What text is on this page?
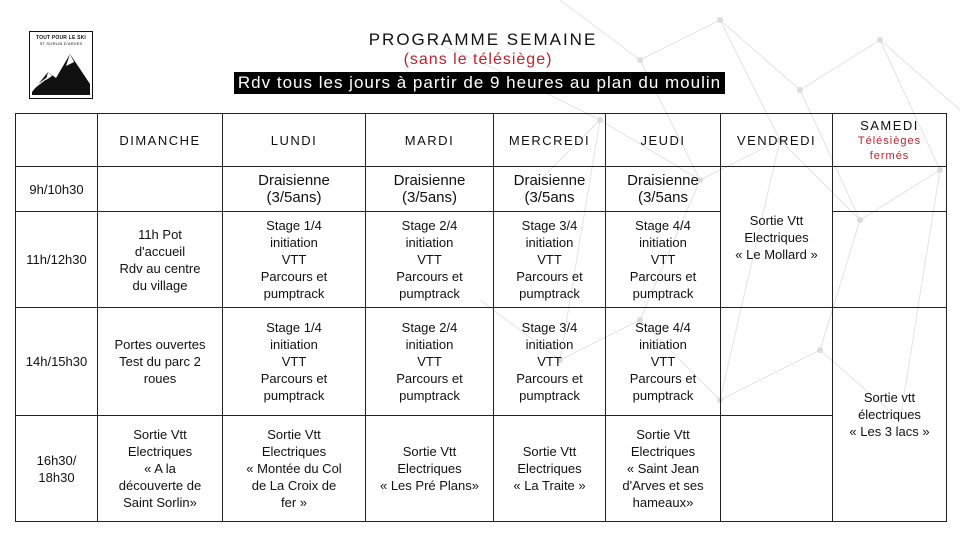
TOUT POUR LE SKI
ST SORLIN D'ARVES	PROGRAMME SEMAINE
(sans le télésiège)
Rdv tous les jours à partir de 9 heures au plan du moulin
	DIMANCHE	LUNDI	MARDI	MERCREDI	JEUDI	VENDREDI	SAMEDI
Télésièges fermés

9h/10h30		Draisienne
(3/5ans)	Draisienne
(3/5ans)	Draisienne
(3/5ans	Draisienne
(3/5ans	Sortie Vtt
Electriques
« Le Mollard »	

11h/12h30	11h Pot
d'accueil
Rdv au centre
du village	Stage 1/4
initiation
VTT
Parcours et
pumptrack	Stage 2/4
initiation
VTT
Parcours et
pumptrack	Stage 3/4
initiation
VTT
Parcours et
pumptrack	Stage 4/4
initiation
VTT
Parcours et
pumptrack		

14h/15h30	Portes ouvertes
Test du parc 2
roues	Stage 1/4
initiation
VTT
Parcours et
pumptrack	Stage 2/4
initiation
VTT
Parcours et
pumptrack	Stage 3/4
initiation
VTT
Parcours et
pumptrack	Stage 4/4
initiation
VTT
Parcours et
pumptrack		Sortie vtt
électriques
« Les 3 lacs »

16h30/
18h30	Sortie Vtt
Electriques
« A la
découverte de
Saint Sorlin»	Sortie Vtt
Electriques
« Montée du Col
de La Croix de
fer »	Sortie Vtt
Electriques
« Les Pré Plans»	Sortie Vtt
Electriques
« La Traite »	Sortie Vtt
Electriques
« Saint Jean
d'Arves et ses
hameaux»		
